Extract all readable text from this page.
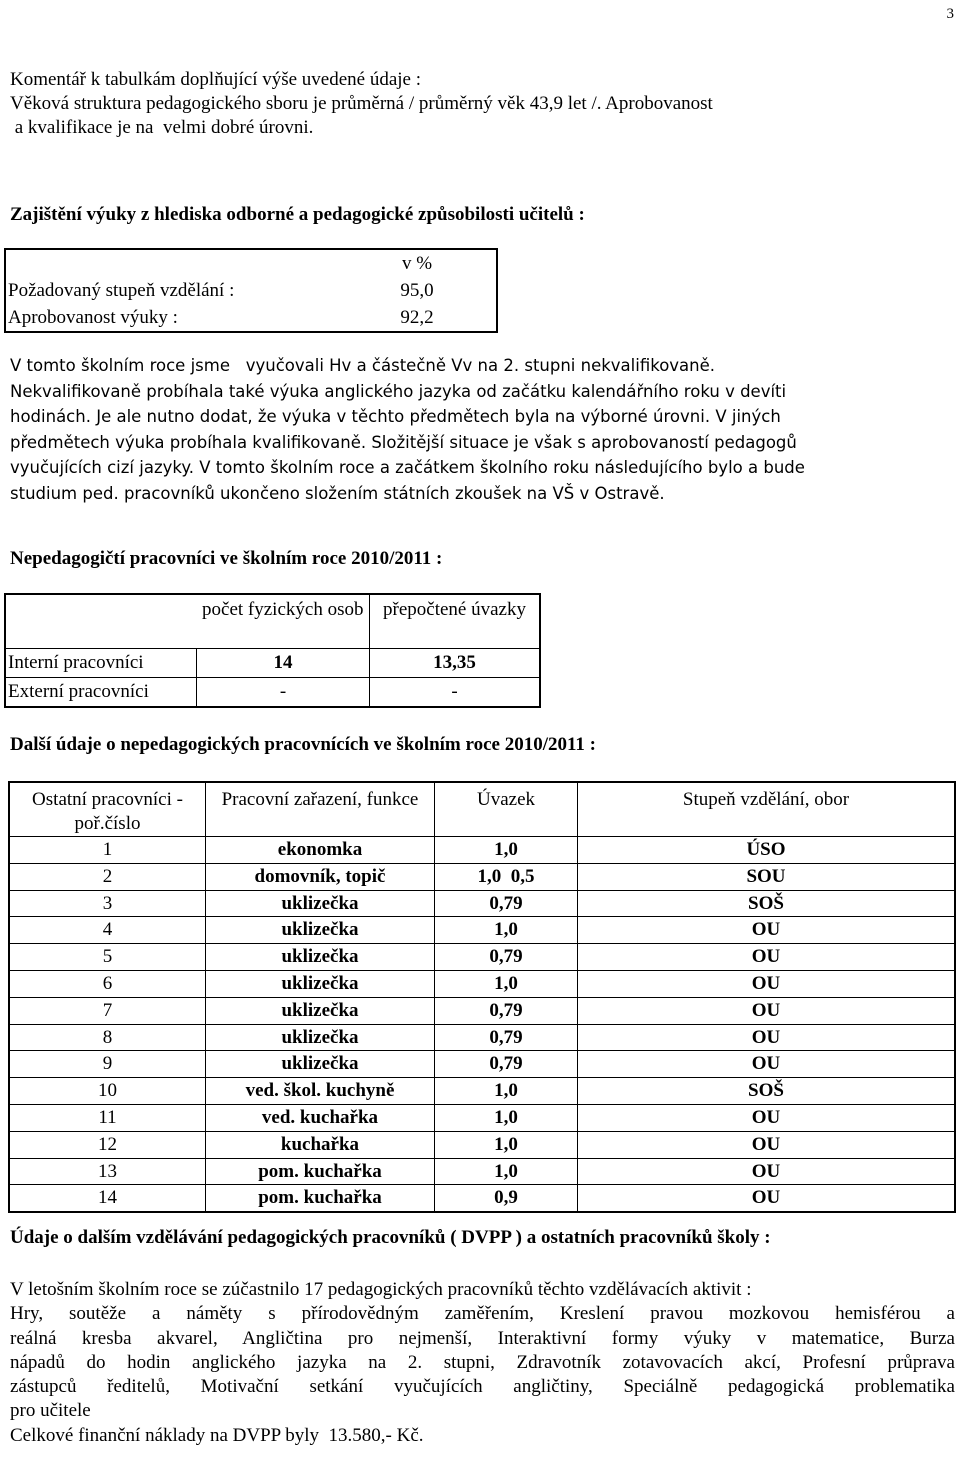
3
Komentář k tabulkám doplňující výše uvedené údaje :
Věková struktura pedagogického sboru je průměrná / průměrný věk 43,9 let /. Aprobovanost
a kvalifikace je na  velmi dobré úrovni.
Zajištění výuky z hlediska odborné a pedagogické způsobilosti učitelů :
	v %
Požadovaný stupeň vzdělání :	95,0
Aprobovanost výuky :	92,2
V tomto školním roce jsme   vyučovali Hv a částečně Vv na 2. stupni nekvalifikovaně.
Nekvalifikovaně probíhala také výuka anglického jazyka od začátku kalendářního roku v devíti
hodinách. Je ale nutno dodat, že výuka v těchto předmětech byla na výborné úrovni. V jiných
předmětech výuka probíhala kvalifikovaně. Složitější situace je však s aprobovaností pedagogů
vyučujících cizí jazyky. V tomto školním roce a začátkem školního roku následujícího bylo a bude
studium ped. pracovníků ukončeno složením státních zkoušek na VŠ v Ostravě.
Nepedagogičtí pracovníci ve školním roce 2010/2011 :
	počet fyzických osob	přepočtené úvazky
Interní pracovníci	14	13,35
Externí pracovníci	-	-
Další údaje o nepedagogických pracovnících ve školním roce 2010/2011 :
Ostatní pracovníci - poř.číslo	Pracovní zařazení, funkce	Úvazek	Stupeň vzdělání, obor
1	ekonomka	1,0	ÚSO
2	domovník, topič	1,0  0,5	SOU
3	uklizečka	0,79	SOŠ
4	uklizečka	1,0	OU
5	uklizečka	0,79	OU
6	uklizečka	1,0	OU
7	uklizečka	0,79	OU
8	uklizečka	0,79	OU
9	uklizečka	0,79	OU
10	ved. škol. kuchyně	1,0	SOŠ
11	ved. kuchařka	1,0	OU
12	kuchařka	1,0	OU
13	pom. kuchařka	1,0	OU
14	pom. kuchařka	0,9	OU
Údaje o dalším vzdělávání pedagogických pracovníků ( DVPP ) a ostatních pracovníků školy :
V letošním školním roce se zúčastnilo 17 pedagogických pracovníků těchto vzdělávacích aktivit :
Hry, soutěže a náměty s přírodovědným zaměřením, Kreslení pravou mozkovou hemisférou a
reálná kresba akvarel, Angličtina pro nejmenší, Interaktivní formy výuky v matematice, Burza
nápadů do hodin anglického jazyka na 2. stupni, Zdravotník zotavovacích akcí, Profesní průprava
zástupců ředitelů, Motivační setkání vyučujících angličtiny, Speciálně pedagogická problematika
pro učitele
Celkové finanční náklady na DVPP byly  13.580,- Kč.
